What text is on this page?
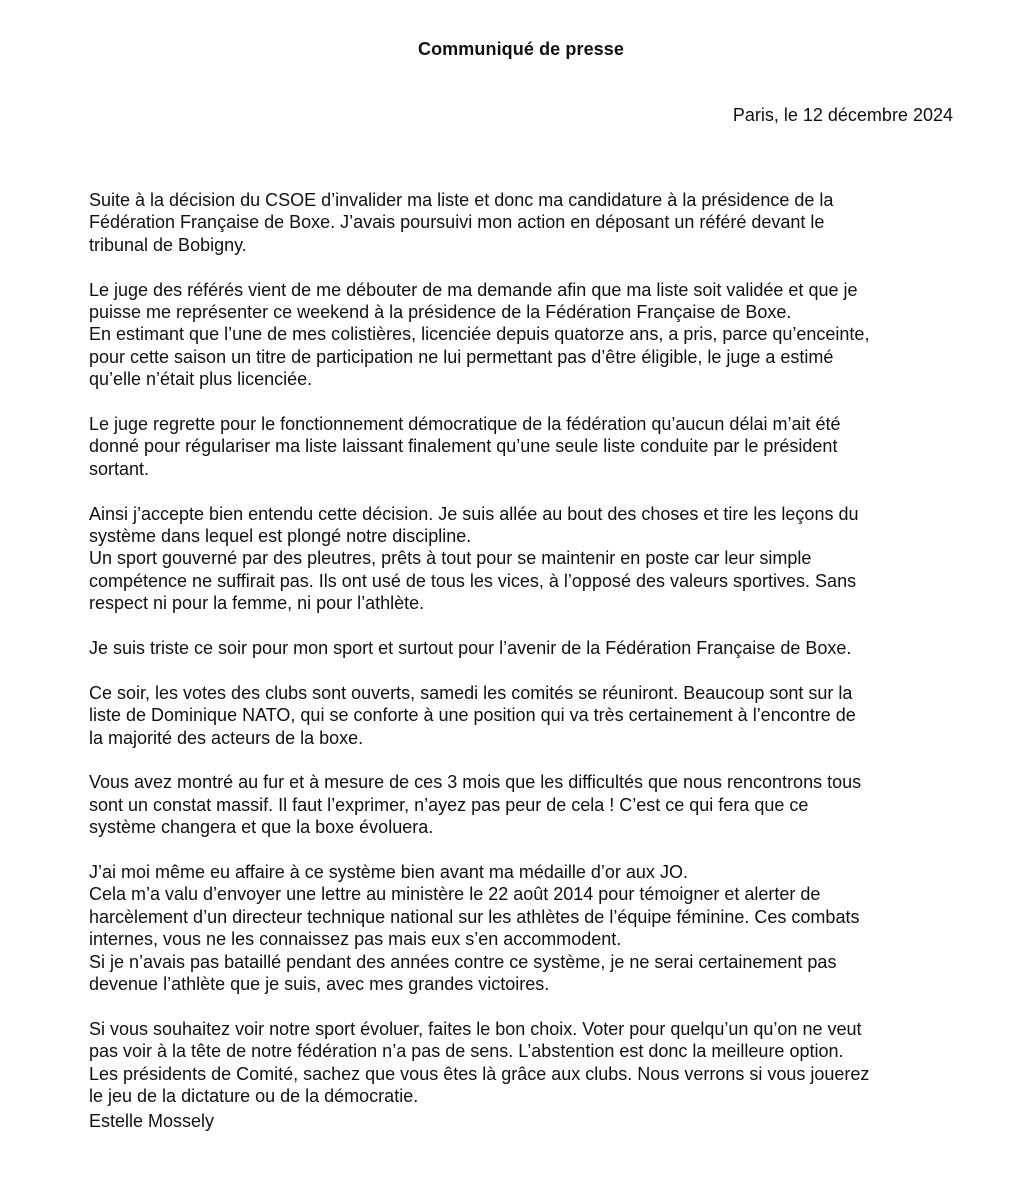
Communiqué de presse
Paris, le 12 décembre 2024

Suite à la décision du CSOE d’invalider ma liste et donc ma candidature à la présidence de la
Fédération Française de Boxe. J’avais poursuivi mon action en déposant un référé devant le
tribunal de Bobigny.

Le juge des référés vient de me débouter de ma demande afin que ma liste soit validée et que je
puisse me représenter ce weekend à la présidence de la Fédération Française de Boxe.
En estimant que l’une de mes colistières, licenciée depuis quatorze ans, a pris, parce qu’enceinte,
pour cette saison un titre de participation ne lui permettant pas d’être éligible, le juge a estimé
qu’elle n’était plus licenciée.

Le juge regrette pour le fonctionnement démocratique de la fédération qu’aucun délai m’ait été
donné pour régulariser ma liste laissant finalement qu’une seule liste conduite par le président
sortant.

Ainsi j’accepte bien entendu cette décision. Je suis allée au bout des choses et tire les leçons du
système dans lequel est plongé notre discipline.
Un sport gouverné par des pleutres, prêts à tout pour se maintenir en poste car leur simple
compétence ne suffirait pas. Ils ont usé de tous les vices, à l’opposé des valeurs sportives. Sans
respect ni pour la femme, ni pour l’athlète.

Je suis triste ce soir pour mon sport et surtout pour l’avenir de la Fédération Française de Boxe.

Ce soir, les votes des clubs sont ouverts, samedi les comités se réuniront. Beaucoup sont sur la
liste de Dominique NATO, qui se conforte à une position qui va très certainement à l’encontre de
la majorité des acteurs de la boxe.

Vous avez montré au fur et à mesure de ces 3 mois que les difficultés que nous rencontrons tous
sont un constat massif. Il faut l’exprimer, n’ayez pas peur de cela ! C’est ce qui fera que ce
système changera et que la boxe évoluera.

J’ai moi même eu affaire à ce système bien avant ma médaille d’or aux JO.
Cela m’a valu d’envoyer une lettre au ministère le 22 août 2014 pour témoigner et alerter de
harcèlement d’un directeur technique national sur les athlètes de l’équipe féminine. Ces combats
internes, vous ne les connaissez pas mais eux s’en accommodent.
Si je n’avais pas bataillé pendant des années contre ce système, je ne serai certainement pas
devenue l’athlète que je suis, avec mes grandes victoires.

Si vous souhaitez voir notre sport évoluer, faites le bon choix. Voter pour quelqu’un qu’on ne veut
pas voir à la tête de notre fédération n’a pas de sens. L’abstention est donc la meilleure option.
Les présidents de Comité, sachez que vous êtes là grâce aux clubs. Nous verrons si vous jouerez
le jeu de la dictature ou de la démocratie.

Estelle Mossely
